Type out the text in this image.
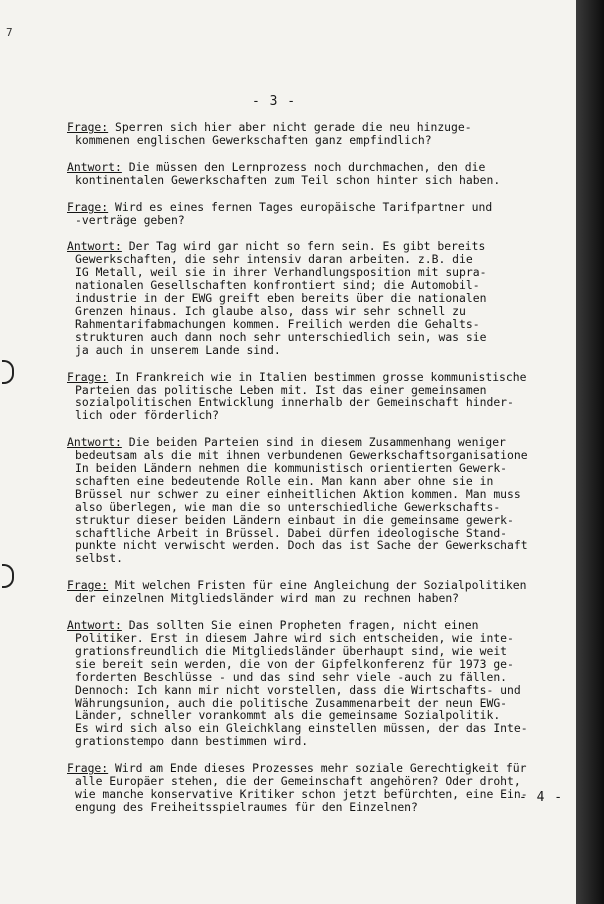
7
- 3 -
Frage: Sperren sich hier aber nicht gerade die neu hinzuge-
kommenen englischen Gewerkschaften ganz empfindlich?
Antwort: Die müssen den Lernprozess noch durchmachen, den die
kontinentalen Gewerkschaften zum Teil schon hinter sich haben.
Frage: Wird es eines fernen Tages europäische Tarifpartner und
-verträge geben?
Antwort: Der Tag wird gar nicht so fern sein. Es gibt bereits
Gewerkschaften, die sehr intensiv daran arbeiten. z.B. die
IG Metall, weil sie in ihrer Verhandlungsposition mit supra-
nationalen Gesellschaften konfrontiert sind; die Automobil-
industrie in der EWG greift eben bereits über die nationalen
Grenzen hinaus. Ich glaube also, dass wir sehr schnell zu
Rahmentarifabmachungen kommen. Freilich werden die Gehalts-
strukturen auch dann noch sehr unterschiedlich sein, was sie
ja auch in unserem Lande sind.
Frage: In Frankreich wie in Italien bestimmen grosse kommunistische
Parteien das politische Leben mit. Ist das einer gemeinsamen
sozialpolitischen Entwicklung innerhalb der Gemeinschaft hinder-
lich oder förderlich?
Antwort: Die beiden Parteien sind in diesem Zusammenhang weniger
bedeutsam als die mit ihnen verbundenen Gewerkschaftsorganisatione
In beiden Ländern nehmen die kommunistisch orientierten Gewerk-
schaften eine bedeutende Rolle ein. Man kann aber ohne sie in
Brüssel nur schwer zu einer einheitlichen Aktion kommen. Man muss
also überlegen, wie man die so unterschiedliche Gewerkschafts-
struktur dieser beiden Ländern einbaut in die gemeinsame gewerk-
schaftliche Arbeit in Brüssel. Dabei dürfen ideologische Stand-
punkte nicht verwischt werden. Doch das ist Sache der Gewerkschaft
selbst.
Frage: Mit welchen Fristen für eine Angleichung der Sozialpolitiken
der einzelnen Mitgliedsländer wird man zu rechnen haben?
Antwort: Das sollten Sie einen Propheten fragen, nicht einen
Politiker. Erst in diesem Jahre wird sich entscheiden, wie inte-
grationsfreundlich die Mitgliedsländer überhaupt sind, wie weit
sie bereit sein werden, die von der Gipfelkonferenz für 1973 ge-
forderten Beschlüsse - und das sind sehr viele -auch zu fällen.
Dennoch: Ich kann mir nicht vorstellen, dass die Wirtschafts- und
Währungsunion, auch die politische Zusammenarbeit der neun EWG-
Länder, schneller vorankommt als die gemeinsame Sozialpolitik.
Es wird sich also ein Gleichklang einstellen müssen, der das Inte-
grationstempo dann bestimmen wird.
Frage: Wird am Ende dieses Prozesses mehr soziale Gerechtigkeit für
alle Europäer stehen, die der Gemeinschaft angehören? Oder droht,
wie manche konservative Kritiker schon jetzt befürchten, eine Ein-
engung des Freiheitsspielraumes für den Einzelnen?
- 4 -
